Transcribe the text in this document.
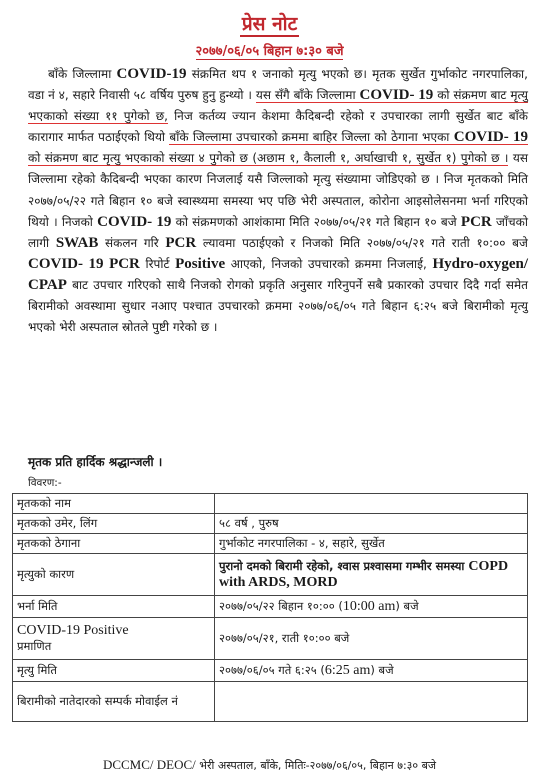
प्रेस नोट
२०७७/०६/०५ बिहान ७:३० बजे

बाँके जिल्लामा COVID-19 संक्रमित थप १ जनाको मृत्यु भएको छ। मृतक सुर्खेत गुर्भाकोट नगरपालिका, वडा नं ४, सहारे निवासी ५८ वर्षिय पुरुष हुनु हुन्थ्यो । यस सँगै बाँके जिल्लामा COVID- 19 को संक्रमण बाट मृत्यु भएकाको संख्या ११ पुगेको छ, निज कर्तव्य ज्यान केशमा कैदिबन्दी रहेको र उपचारका लागी सुर्खेत बाट बाँके कारागार मार्फत पठाईएको थियो बाँके जिल्लामा उपचारको क्रममा बाहिर जिल्ला को ठेगाना भएका COVID- 19 को संक्रमण बाट मृत्यु भएकाको संख्या ४ पुगेको छ (अछाम १, कैलाली १, अर्घाखाची १, सुर्खेत १) पुगेको छ । यस जिल्लामा रहेको कैदिबन्दी भएका कारण निजलाई यसै जिल्लाको मृत्यु संख्यामा जोडिएको छ । निज मृतकको मिति २०७७/०५/२२ गते बिहान १० बजे स्वास्थ्यमा समस्या भए पछि भेरी अस्पताल, कोरोना आइसोलेसनमा भर्ना गरिएको थियो । निजको COVID- 19 को संक्रमणको आशंकामा मिति २०७७/०५/२१ गते बिहान १० बजे PCR जाँचको लागी SWAB संकलन गरि PCR ल्यावमा पठाईएको र निजको मिति २०७७/०५/२१ गते राती १०:०० बजे COVID- 19 PCR रिपोर्ट Positive आएको, निजको उपचारको क्रममा निजलाई, Hydro-oxygen/ CPAP बाट उपचार गरिएको साथै निजको रोगको प्रकृति अनुसार गरिनुपर्ने सबै प्रकारको उपचार दिदै गर्दा समेत बिरामीको अवस्थामा सुधार नआए पश्चात उपचारको क्रममा २०७७/०६/०५ गते बिहान ६:२५ बजे बिरामीको मृत्यु भएको भेरी अस्पताल स्रोतले पुष्टी गरेको छ ।

मृतक प्रति हार्दिक श्रद्धान्जली ।
विवरण:-
मृतकको नाम	
मृतकको उमेर, लिंग	५८ वर्ष , पुरुष
मृतकको ठेगाना	गुर्भाकोट नगरपालिका - ४, सहारे, सुर्खेत
मृत्युको कारण	पुरानो दमको बिरामी रहेको, श्वास प्रश्वासमा गम्भीर समस्या COPD with ARDS, MORD
भर्ना मिति	२०७७/०५/२२ बिहान १०:०० (10:00 am) बजे
COVID-19 Positive
प्रमाणित	२०७७/०५/२१, राती १०:०० बजे
मृत्यु मिति	२०७७/०६/०५ गते ६:२५ (6:25 am) बजे
बिरामीको नातेदारको सम्पर्क मोवाईल नं	
DCCMC/ DEOC/ भेरी अस्पताल, बाँके, मितिः-२०७७/०६/०५, बिहान ७:३० बजे
